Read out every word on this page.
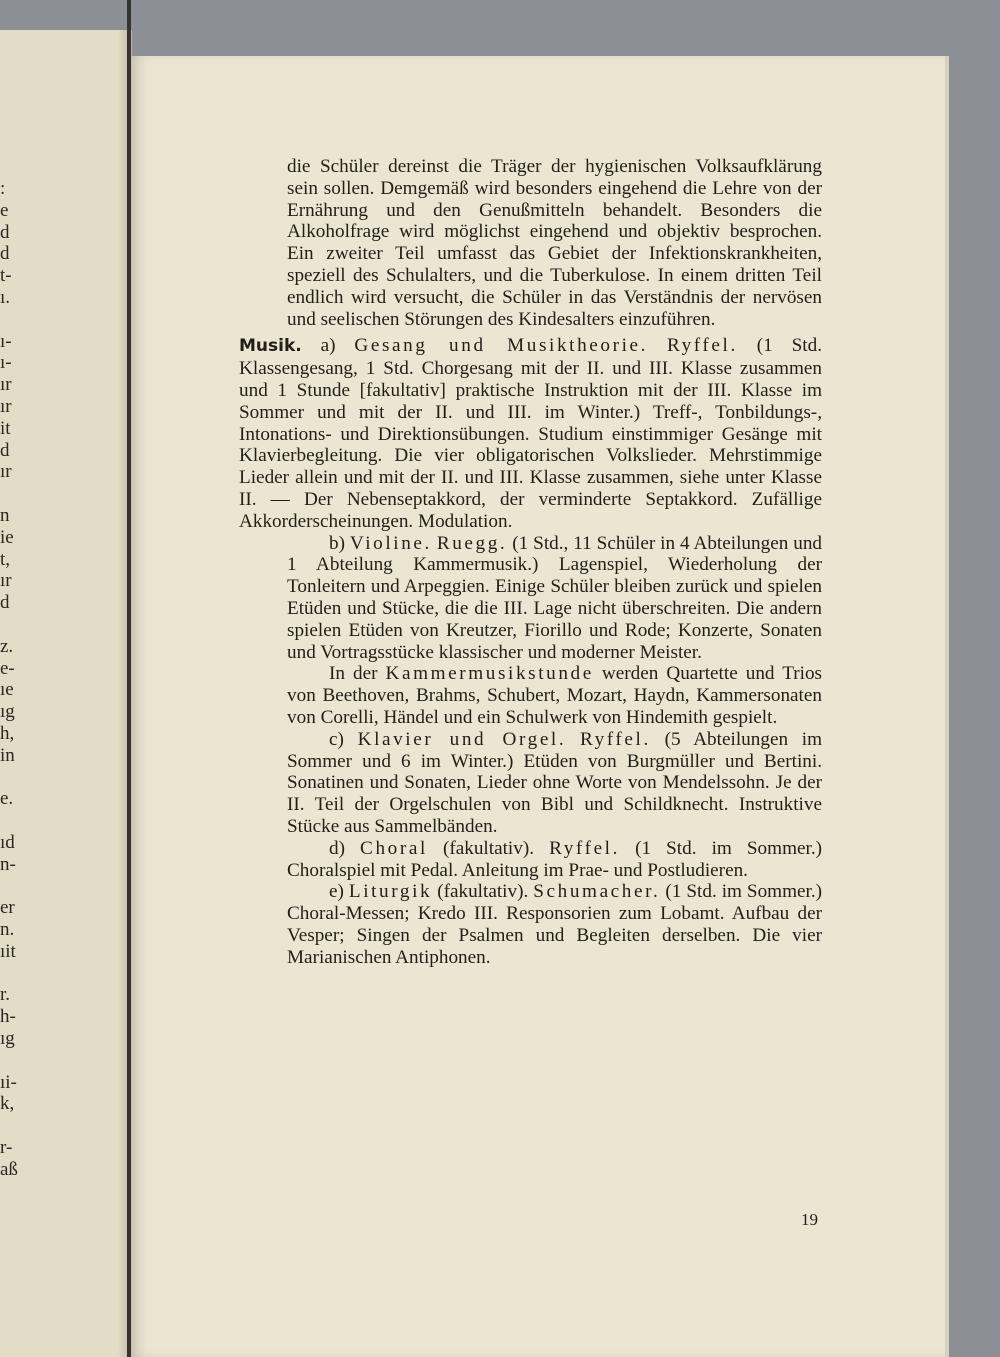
:
e
d
d
t-
ı.
ı-
ı-
ır
ır
it
d
ır
n
ie
t,
ır
d
z.
e-
ıe
ıg
h,
in
e.
ıd
n-
er
n.
ıit
r.
h-
ıg
ıi-
k,
r-
aß

die Schüler dereinst die Träger der hygienischen Volksaufklärung sein sollen. Demgemäß wird besonders eingehend die Lehre von der Ernährung und den Genußmitteln behandelt. Besonders die Alkoholfrage wird möglichst eingehend und objektiv besprochen. Ein zweiter Teil umfasst das Gebiet der Infektionskrankheiten, speziell des Schulalters, und die Tuberkulose. In einem dritten Teil endlich wird versucht, die Schüler in das Verständnis der nervösen und seelischen Störungen des Kindesalters einzuführen.

Musik. a) Gesang und Musiktheorie. Ryffel. (1 Std. Klassengesang, 1 Std. Chorgesang mit der II. und III. Klasse zusammen und 1 Stunde [fakultativ] praktische Instruktion mit der III. Klasse im Sommer und mit der II. und III. im Winter.) Treff-, Tonbildungs-, Intonations- und Direktionsübungen. Studium einstimmiger Gesänge mit Klavierbegleitung. Die vier obligatorischen Volkslieder. Mehrstimmige Lieder allein und mit der II. und III. Klasse zusammen, siehe unter Klasse II. — Der Nebenseptakkord, der verminderte Septakkord. Zufällige Akkorderscheinungen. Modulation.

b) Violine. Ruegg. (1 Std., 11 Schüler in 4 Abteilungen und 1 Abteilung Kammermusik.) Lagenspiel, Wiederholung der Tonleitern und Arpeggien. Einige Schüler bleiben zurück und spielen Etüden und Stücke, die die III. Lage nicht überschreiten. Die andern spielen Etüden von Kreutzer, Fiorillo und Rode; Konzerte, Sonaten und Vortragsstücke klassischer und moderner Meister.

In der Kammermusikstunde werden Quartette und Trios von Beethoven, Brahms, Schubert, Mozart, Haydn, Kammersonaten von Corelli, Händel und ein Schulwerk von Hindemith gespielt.

c) Klavier und Orgel. Ryffel. (5 Abteilungen im Sommer und 6 im Winter.) Etüden von Burgmüller und Bertini. Sonatinen und Sonaten, Lieder ohne Worte von Mendelssohn. Je der II. Teil der Orgelschulen von Bibl und Schildknecht. Instruktive Stücke aus Sammelbänden.

d) Choral (fakultativ). Ryffel. (1 Std. im Sommer.) Choralspiel mit Pedal. Anleitung im Prae- und Postludieren.

e) Liturgik (fakultativ). Schumacher. (1 Std. im Sommer.) Choral-Messen; Kredo III. Responsorien zum Lobamt. Aufbau der Vesper; Singen der Psalmen und Begleiten derselben. Die vier Marianischen Antiphonen.

19
